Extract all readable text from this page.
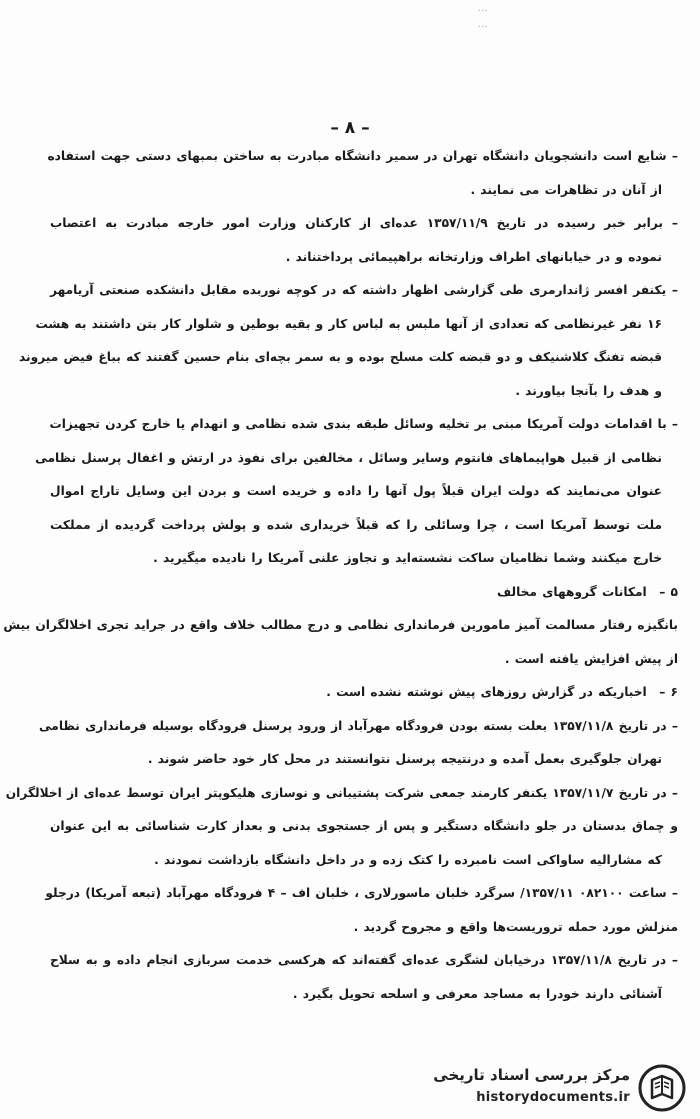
...
...
– ۸ –

– شایع است دانشجویان دانشگاه تهران در سمیر دانشگاه مبادرت به ساختن بمبهای دستی جهت استفاده
از آنان در تظاهرات می نمایند .

– برابر خبر رسیده در تاریخ ۱۳۵۷/۱۱/۹ عده‌ای از کارکنان وزارت امور خارجه مبادرت به اعتصاب
نموده و در خیابانهای اطراف وزارتخانه براهپیمائی پرداختناند .

– یکنفر افسر ژاندارمری طی گزارشی اظهار داشته که در کوچه نوربده مقابل دانشکده صنعتی آریامهر
۱۶ نفر غیرنظامی که تعدادی از آنها ملبس به لباس کار و بقیه بوطین و شلوار کار بتن داشتند به هشت
قبضه تفنگ کلاشنیکف و دو قبضه کلت مسلح بوده و به سمر بچه‌ای بنام حسین گفتند که بباغ فیض میروند
و هدف را بآنجا بیاورند .

– با اقدامات دولت آمریکا مبنی بر تخلیه وسائل طبقه بندی شده نظامی و انهدام یا خارج کردن تجهیزات
نظامی از قبیل هواپیماهای فانتوم وسایر وسائل ، مخالفین برای نفوذ در ارتش و اغفال پرسنل نظامی
عنوان می‌نمایند که دولت ایران قبلاً پول آنها را داده و خریده است و بردن این وسایل تاراج اموال
ملت توسط آمریکا است ، چرا وسائلی را که قبلاً خریداری شده و پولش پرداخت گردیده از مملکت
خارج میکنند وشما نظامیان ساکت نشسته‌اید و تجاوز علنی آمریکا را نادیده میگیرید .

۵ – امکانات گروههای مخالف
بانگیزه رفتار مسالمت آمیز مامورین فرمانداری نظامی و درج مطالب خلاف واقع در جراید تجری اخلالگران بیش
از پیش افزایش یافته است .

۶ – اخباریکه در گزارش روزهای پیش نوشته نشده است .

– در تاریخ ۱۳۵۷/۱۱/۸ بعلت بسته بودن فرودگاه مهرآباد از ورود پرسنل فرودگاه بوسیله فرمانداری نظامی
تهران جلوگیری بعمل آمده و درنتیجه پرسنل نتوانستند در محل کار خود حاضر شوند .

– در تاریخ ۱۳۵۷/۱۱/۷ یکنفر کارمند جمعی شرکت پشتیبانی و نوسازی هلیکوپتر ایران توسط عده‌ای از اخلالگران
و چماق بدستان در جلو دانشگاه دستگیر و پس از جستجوی بدنی و بعداز کارت شناسائی به این عنوان
که مشارالیه ساواکی است نامبرده را کتک زده و در داخل دانشگاه بازداشت نمودند .

– ساعت ۰۸۲۱۰۰ ۱۳۵۷/۱۱/ سرگرد خلبان ماسورلاری ، خلبان اف – ۴ فرودگاه مهرآباد (تبعه آمریکا) درجلو
منزلش مورد حمله تروریست‌ها واقع و مجروح گردید .

– در تاریخ ۱۳۵۷/۱۱/۸ درخیابان لشگری عده‌ای گفته‌اند که هرکسی خدمت سربازی انجام داده و به سلاح
آشنائی دارند خودرا به مساجد معرفی و اسلحه تحویل بگیرد .

مرکز بررسی اسناد تاریخی
historydocuments.ir
